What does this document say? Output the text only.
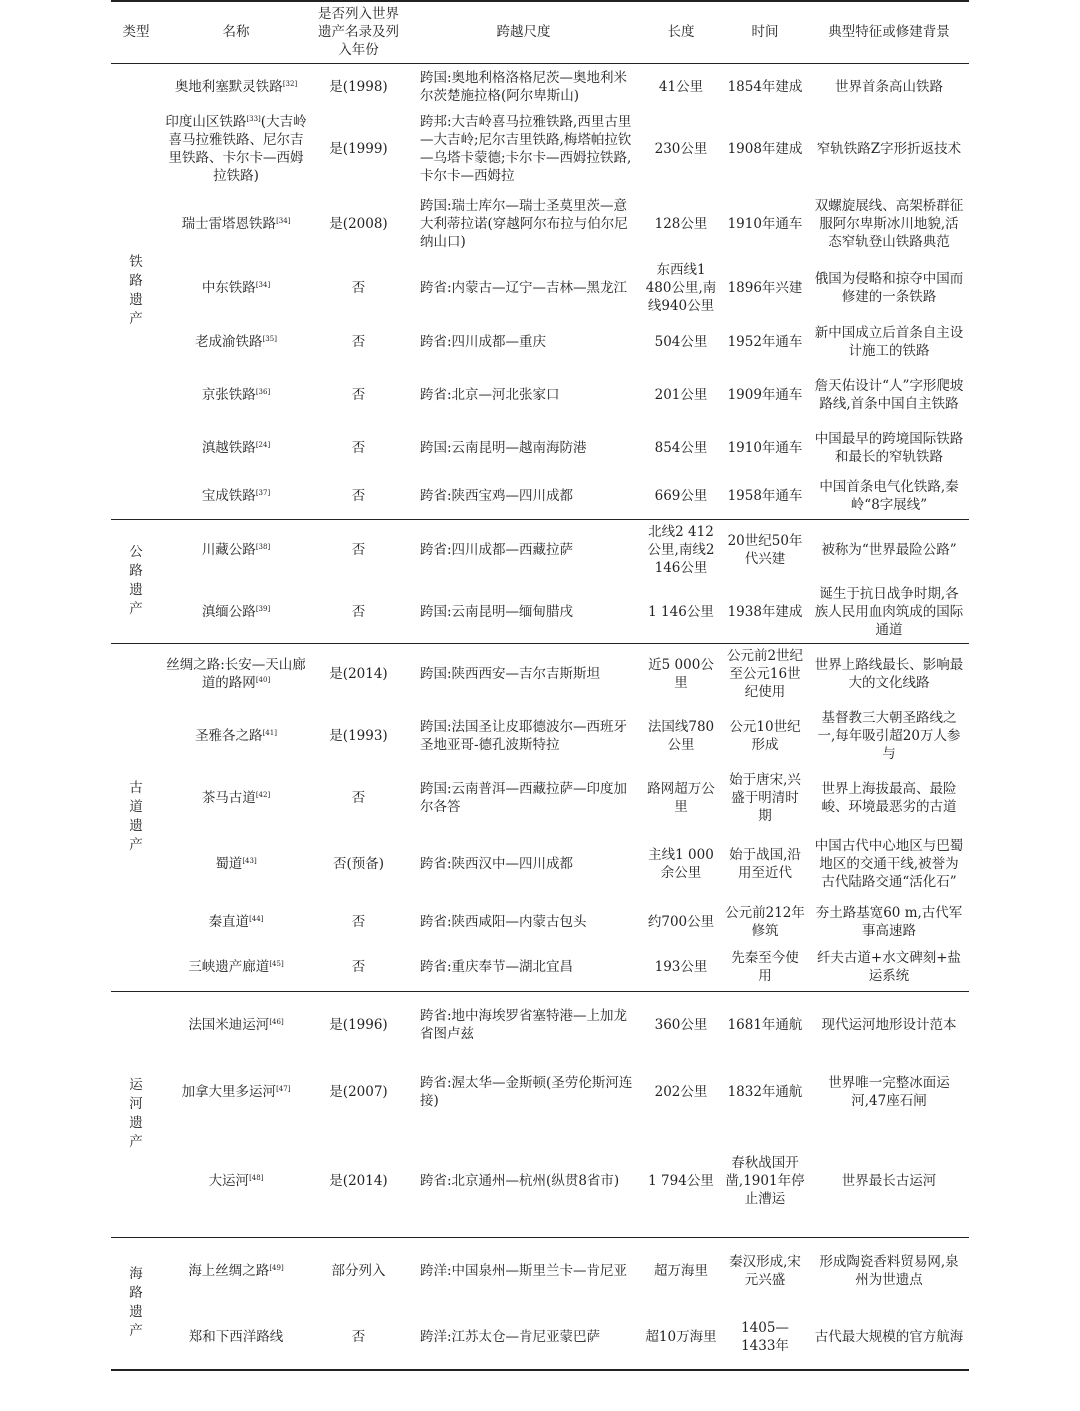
类型	名称	是否列入世界遗产名录及列入年份	跨越尺度	长度	时间	典型特征或修建背景
铁路遗产	奥地利塞默灵铁路[32]	是(1998)	跨国:奥地利格洛格尼茨—奥地利米尔茨楚施拉格(阿尔卑斯山)	41公里	1854年建成	世界首条高山铁路
	印度山区铁路[33](大吉岭喜马拉雅铁路、尼尔吉里铁路、卡尔卡—西姆拉铁路)	是(1999)	跨邦:大吉岭喜马拉雅铁路,西里古里—大吉岭;尼尔吉里铁路,梅塔帕拉钦—乌塔卡蒙德;卡尔卡—西姆拉铁路,卡尔卡—西姆拉	230公里	1908年建成	窄轨铁路Z字形折返技术
	瑞士雷塔恩铁路[34]	是(2008)	跨国:瑞士库尔—瑞士圣莫里茨—意大利蒂拉诺(穿越阿尔布拉与伯尔尼纳山口)	128公里	1910年通车	双螺旋展线、高架桥群征服阿尔卑斯冰川地貌,活态窄轨登山铁路典范
	中东铁路[34]	否	跨省:内蒙古—辽宁—吉林—黑龙江	东西线1 480公里,南线940公里	1896年兴建	俄国为侵略和掠夺中国而修建的一条铁路
	老成渝铁路[35]	否	跨省:四川成都—重庆	504公里	1952年通车	新中国成立后首条自主设计施工的铁路
	京张铁路[36]	否	跨省:北京—河北张家口	201公里	1909年通车	詹天佑设计“人”字形爬坡路线,首条中国自主铁路
	滇越铁路[24]	否	跨国:云南昆明—越南海防港	854公里	1910年通车	中国最早的跨境国际铁路和最长的窄轨铁路
	宝成铁路[37]	否	跨省:陕西宝鸡—四川成都	669公里	1958年通车	中国首条电气化铁路,秦岭“8字展线”
公路遗产	川藏公路[38]	否	跨省:四川成都—西藏拉萨	北线2 412公里,南线2 146公里	20世纪50年代兴建	被称为“世界最险公路”
	滇缅公路[39]	否	跨国:云南昆明—缅甸腊戌	1 146公里	1938年建成	诞生于抗日战争时期,各族人民用血肉筑成的国际通道
古道遗产	丝绸之路:长安—天山廊道的路网[40]	是(2014)	跨国:陕西西安—吉尔吉斯斯坦	近5 000公里	公元前2世纪至公元16世纪使用	世界上路线最长、影响最大的文化线路
	圣雅各之路[41]	是(1993)	跨国:法国圣让皮耶德波尔—西班牙圣地亚哥-德孔波斯特拉	法国线780公里	公元10世纪形成	基督教三大朝圣路线之一,每年吸引超20万人参与
	茶马古道[42]	否	跨国:云南普洱—西藏拉萨—印度加尔各答	路网超万公里	始于唐宋,兴盛于明清时期	世界上海拔最高、最险峻、环境最恶劣的古道
	蜀道[43]	否(预备)	跨省:陕西汉中—四川成都	主线1 000余公里	始于战国,沿用至近代	中国古代中心地区与巴蜀地区的交通干线,被誉为古代陆路交通“活化石”
	秦直道[44]	否	跨省:陕西咸阳—内蒙古包头	约700公里	公元前212年修筑	夯土路基宽60 m,古代军事高速路
	三峡遗产廊道[45]	否	跨省:重庆奉节—湖北宜昌	193公里	先秦至今使用	纤夫古道+水文碑刻+盐运系统
运河遗产	法国米迪运河[46]	是(1996)	跨省:地中海埃罗省塞特港—上加龙省图卢兹	360公里	1681年通航	现代运河地形设计范本
	加拿大里多运河[47]	是(2007)	跨省:渥太华—金斯顿(圣劳伦斯河连接)	202公里	1832年通航	世界唯一完整冰面运河,47座石闸
	大运河[48]	是(2014)	跨省:北京通州—杭州(纵贯8省市)	1 794公里	春秋战国开凿,1901年停止漕运	世界最长古运河
海路遗产	海上丝绸之路[49]	部分列入	跨洋:中国泉州—斯里兰卡—肯尼亚	超万海里	秦汉形成,宋元兴盛	形成陶瓷香料贸易网,泉州为世遗点
	郑和下西洋路线	否	跨洋:江苏太仓—肯尼亚蒙巴萨	超10万海里	1405—1433年	古代最大规模的官方航海
